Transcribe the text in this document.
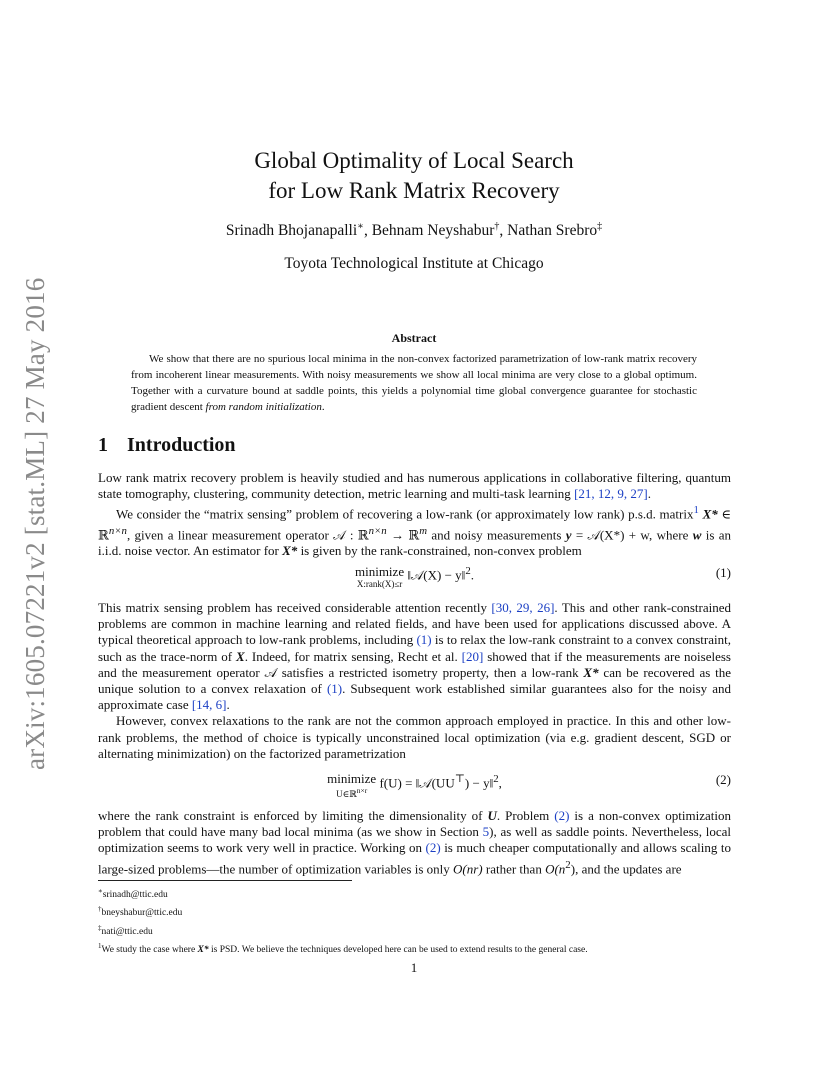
arXiv:1605.07221v2 [stat.ML] 27 May 2016
Global Optimality of Local Search
for Low Rank Matrix Recovery
Srinadh Bhojanapalli∗, Behnam Neyshabur†, Nathan Srebro‡
Toyota Technological Institute at Chicago
Abstract

We show that there are no spurious local minima in the non-convex factorized parametrization of low-rank matrix recovery from incoherent linear measurements. With noisy measurements we show all local minima are very close to a global optimum. Together with a curvature bound at saddle points, this yields a polynomial time global convergence guarantee for stochastic gradient descent from random initialization.

1 Introduction

Low rank matrix recovery problem is heavily studied and has numerous applications in collaborative filtering, quantum state tomography, clustering, community detection, metric learning and multi-task learning [21, 12, 9, 27].

We consider the “matrix sensing” problem of recovering a low-rank (or approximately low rank) p.s.d. matrix$^1$ X* ∈ ℝ$^{n\times n}$, given a linear measurement operator 𝒜 : ℝ$^{n\times n}$ → ℝ$^m$ and noisy measurements y = 𝒜(X*) + w, where w is an i.i.d. noise vector. An estimator for X* is given by the rank-constrained, non-convex problem

minimize
X:rank(X)≤r
‖𝒜(X) − y‖$^2$.	(1)

This matrix sensing problem has received considerable attention recently [30, 29, 26]. This and other rank-constrained problems are common in machine learning and related fields, and have been used for applications discussed above. A typical theoretical approach to low-rank problems, including (1) is to relax the low-rank constraint to a convex constraint, such as the trace-norm of X. Indeed, for matrix sensing, Recht et al. [20] showed that if the measurements are noiseless and the measurement operator 𝒜 satisfies a restricted isometry property, then a low-rank X* can be recovered as the unique solution to a convex relaxation of (1). Subsequent work established similar guarantees also for the noisy and approximate case [14, 6].

However, convex relaxations to the rank are not the common approach employed in practice. In this and other low-rank problems, the method of choice is typically unconstrained local optimization (via e.g. gradient descent, SGD or alternating minimization) on the factorized parametrization

minimize
U∈ℝ$^{n\times r}$
f(U) = ‖𝒜(UU⊤) − y‖$^2$,	(2)

where the rank constraint is enforced by limiting the dimensionality of U. Problem (2) is a non-convex optimization problem that could have many bad local minima (as we show in Section 5), as well as saddle points. Nevertheless, local optimization seems to work very well in practice. Working on (2) is much cheaper computationally and allows scaling to large-sized problems—the number of optimization variables is only O(nr) rather than $O(n^2)$, and the updates are

∗srinadh@ttic.edu
†bneyshabur@ttic.edu
‡nati@ttic.edu
$^1$We study the case where X* is PSD. We believe the techniques developed here can be used to extend results to the general case.
1
